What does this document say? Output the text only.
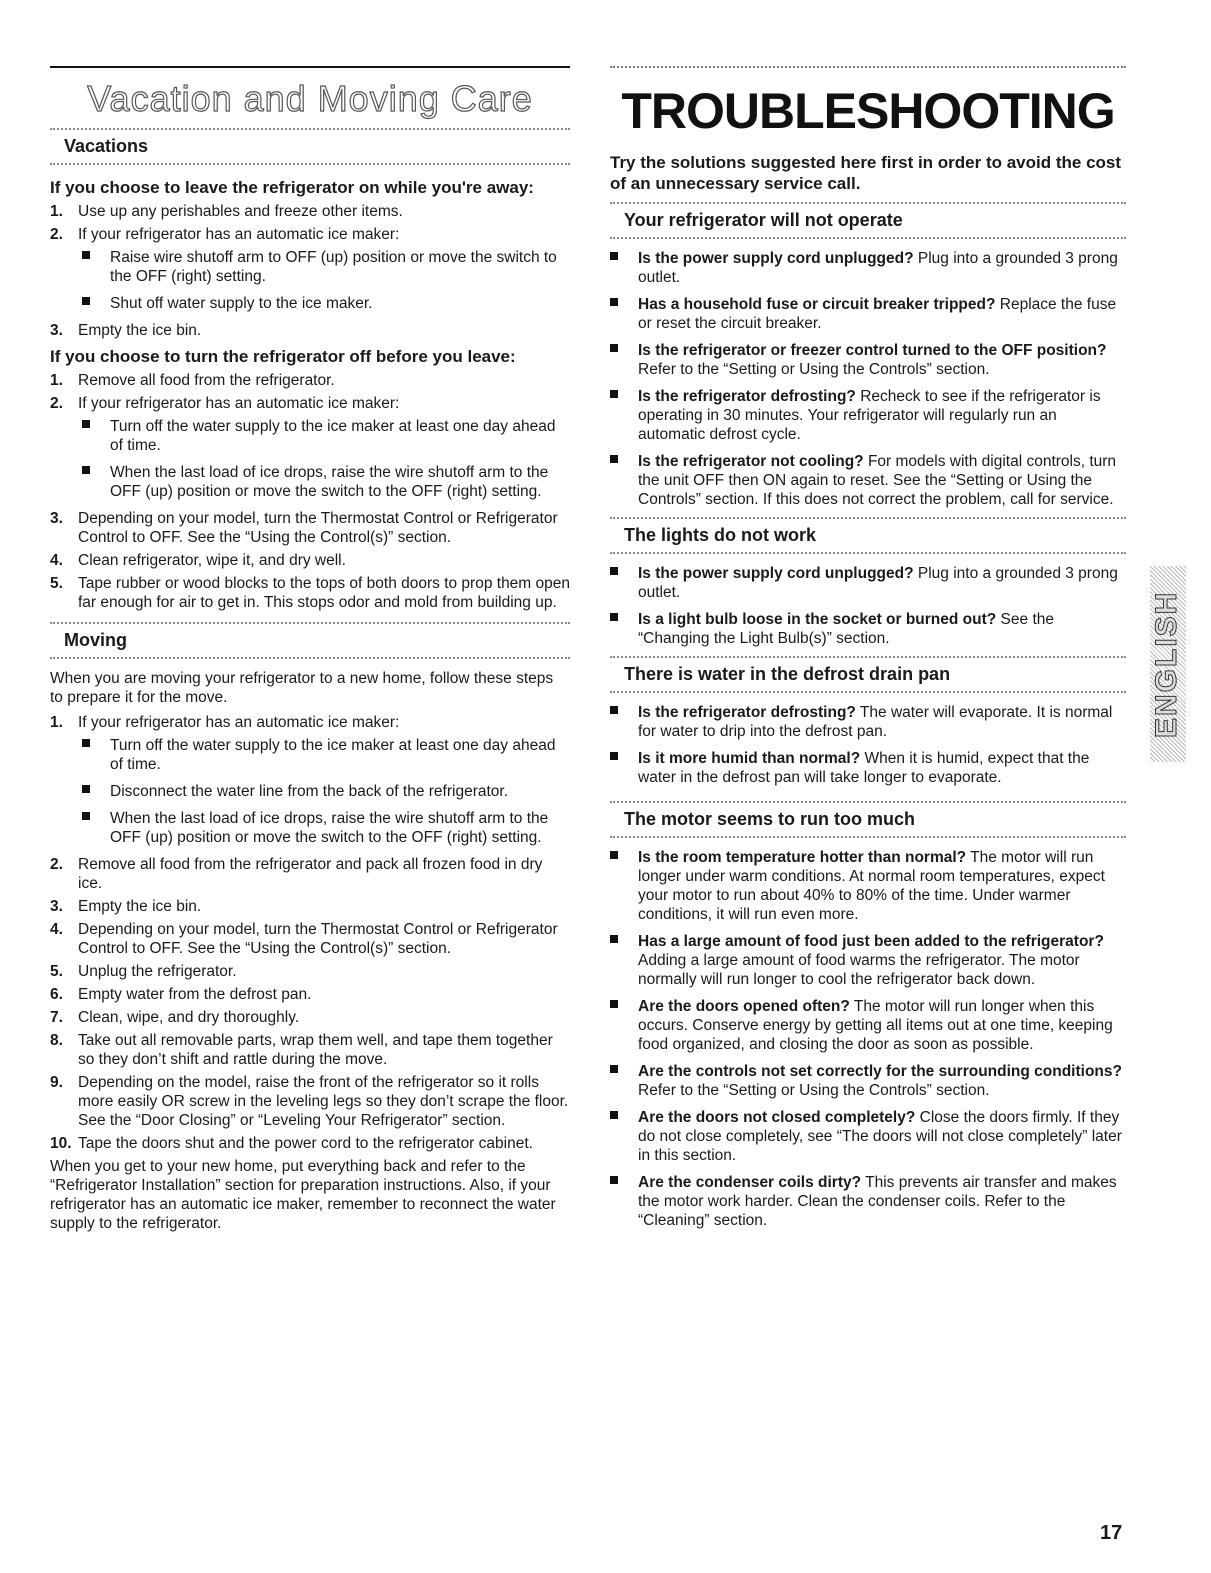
Vacation and Moving Care	TROUBLESHOOTING
Vacations
If you choose to leave the refrigerator on while you're away:
1. Use up any perishables and freeze other items.
2. If your refrigerator has an automatic ice maker:
Raise wire shutoff arm to OFF (up) position or move the switch to the OFF (right) setting.
Shut off water supply to the ice maker.
3. Empty the ice bin.
If you choose to turn the refrigerator off before you leave:
1. Remove all food from the refrigerator.
2. If your refrigerator has an automatic ice maker:
Turn off the water supply to the ice maker at least one day ahead of time.
When the last load of ice drops, raise the wire shutoff arm to the OFF (up) position or move the switch to the OFF (right) setting.
3. Depending on your model, turn the Thermostat Control or Refrigerator Control to OFF. See the “Using the Control(s)” section.
4. Clean refrigerator, wipe it, and dry well.
5. Tape rubber or wood blocks to the tops of both doors to prop them open far enough for air to get in. This stops odor and mold from building up.
Moving
When you are moving your refrigerator to a new home, follow these steps to prepare it for the move.
1. If your refrigerator has an automatic ice maker:
Turn off the water supply to the ice maker at least one day ahead of time.
Disconnect the water line from the back of the refrigerator.
When the last load of ice drops, raise the wire shutoff arm to the OFF (up) position or move the switch to the OFF (right) setting.
2. Remove all food from the refrigerator and pack all frozen food in dry ice.
3. Empty the ice bin.
4. Depending on your model, turn the Thermostat Control or Refrigerator Control to OFF. See the “Using the Control(s)” section.
5. Unplug the refrigerator.
6. Empty water from the defrost pan.
7. Clean, wipe, and dry thoroughly.
8. Take out all removable parts, wrap them well, and tape them together so they don’t shift and rattle during the move.
9. Depending on the model, raise the front of the refrigerator so it rolls more easily OR screw in the leveling legs so they don’t scrape the floor. See the “Door Closing” or “Leveling Your Refrigerator” section.
10. Tape the doors shut and the power cord to the refrigerator cabinet.
When you get to your new home, put everything back and refer to the “Refrigerator Installation” section for preparation instructions. Also, if your refrigerator has an automatic ice maker, remember to reconnect the water supply to the refrigerator.
Try the solutions suggested here first in order to avoid the cost of an unnecessary service call.
Your refrigerator will not operate
Is the power supply cord unplugged? Plug into a grounded 3 prong outlet.
Has a household fuse or circuit breaker tripped? Replace the fuse or reset the circuit breaker.
Is the refrigerator or freezer control turned to the OFF position? Refer to the “Setting or Using the Controls” section.
Is the refrigerator defrosting? Recheck to see if the refrigerator is operating in 30 minutes. Your refrigerator will regularly run an automatic defrost cycle.
Is the refrigerator not cooling? For models with digital controls, turn the unit OFF then ON again to reset. See the “Setting or Using the Controls” section. If this does not correct the problem, call for service.
The lights do not work
Is the power supply cord unplugged? Plug into a grounded 3 prong outlet.
Is a light bulb loose in the socket or burned out? See the “Changing the Light Bulb(s)” section.
There is water in the defrost drain pan
Is the refrigerator defrosting? The water will evaporate. It is normal for water to drip into the defrost pan.
Is it more humid than normal? When it is humid, expect that the water in the defrost pan will take longer to evaporate.
The motor seems to run too much
Is the room temperature hotter than normal? The motor will run longer under warm conditions. At normal room temperatures, expect your motor to run about 40% to 80% of the time. Under warmer conditions, it will run even more.
Has a large amount of food just been added to the refrigerator? Adding a large amount of food warms the refrigerator. The motor normally will run longer to cool the refrigerator back down.
Are the doors opened often? The motor will run longer when this occurs. Conserve energy by getting all items out at one time, keeping food organized, and closing the door as soon as possible.
Are the controls not set correctly for the surrounding conditions? Refer to the “Setting or Using the Controls” section.
Are the doors not closed completely? Close the doors firmly. If they do not close completely, see “The doors will not close completely” later in this section.
Are the condenser coils dirty? This prevents air transfer and makes the motor work harder. Clean the condenser coils. Refer to the “Cleaning” section.
ENGLISH
17
